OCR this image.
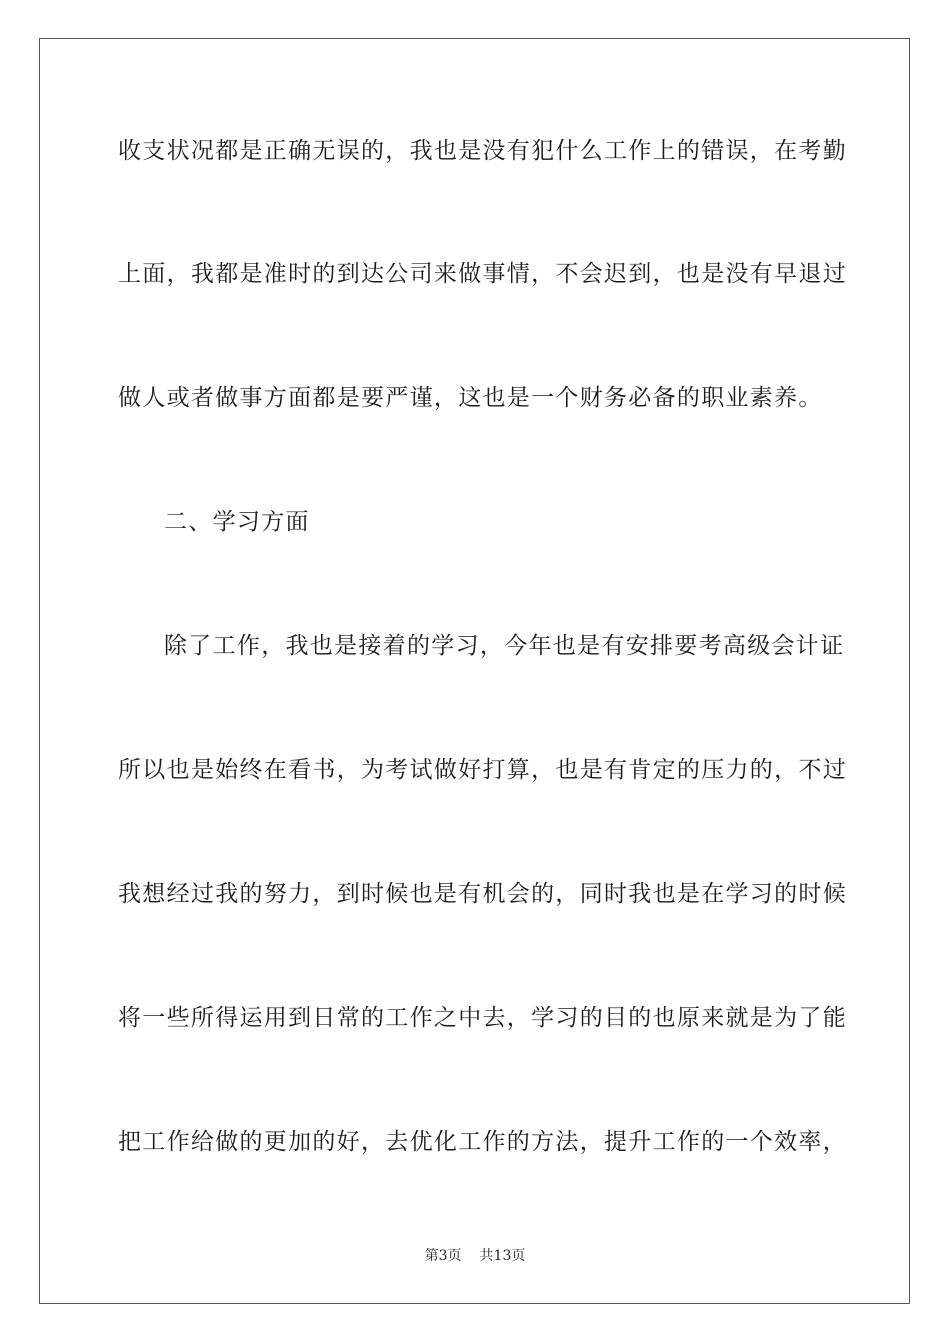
收支状况都是正确无误的，我也是没有犯什么工作上的错误，在考勤
上面，我都是准时的到达公司来做事情，不会迟到，也是没有早退过
做人或者做事方面都是要严谨，这也是一个财务必备的职业素养。
二、学习方面
除了工作，我也是接着的学习，今年也是有安排要考高级会计证
所以也是始终在看书，为考试做好打算，也是有肯定的压力的，不过
我想经过我的努力，到时候也是有机会的，同时我也是在学习的时候
将一些所得运用到日常的工作之中去，学习的目的也原来就是为了能
把工作给做的更加的好，去优化工作的方法，提升工作的一个效率，
第3页 共13页
